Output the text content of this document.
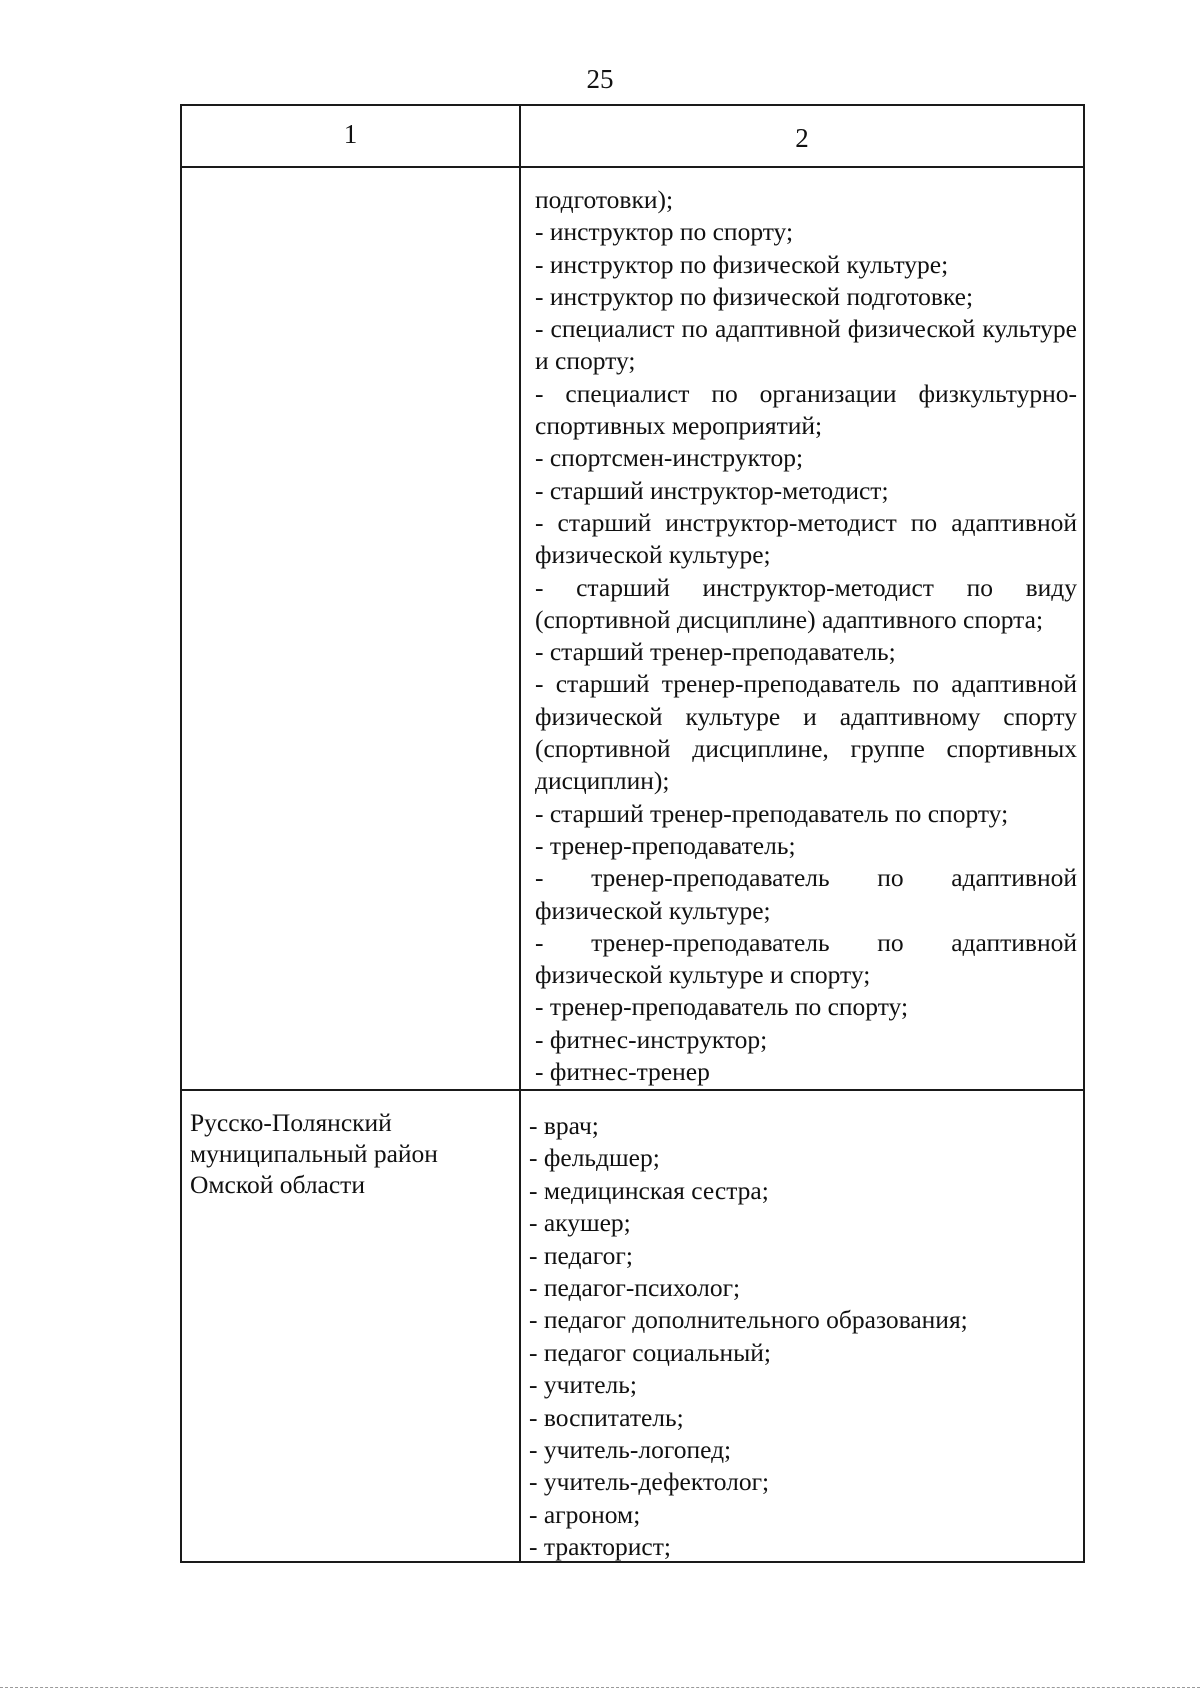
25
1	2

подготовки);
- инструктор по спорту;
- инструктор по физической культуре;
- инструктор по физической подготовке;
- специалист по адаптивной физической культуре и спорту;
- специалист по организации физкультурно-спортивных мероприятий;
- спортсмен-инструктор;
- старший инструктор-методист;
- старший инструктор-методист по адаптивной физической культуре;
- старший инструктор-методист по виду (спортивной дисциплине) адаптивного спорта;
- старший тренер-преподаватель;
- старший тренер-преподаватель по адаптивной физической культуре и адаптивному спорту (спортивной дисциплине, группе спортивных дисциплин);
- старший тренер-преподаватель по спорту;
- тренер-преподаватель;
- тренер-преподаватель по адаптивной физической культуре;
- тренер-преподаватель по адаптивной физической культуре и спорту;
- тренер-преподаватель по спорту;
- фитнес-инструктор;
- фитнес-тренер

Русско-Полянский муниципальный район Омской области

- врач;
- фельдшер;
- медицинская сестра;
- акушер;
- педагог;
- педагог-психолог;
- педагог дополнительного образования;
- педагог социальный;
- учитель;
- воспитатель;
- учитель-логопед;
- учитель-дефектолог;
- агроном;
- тракторист;
